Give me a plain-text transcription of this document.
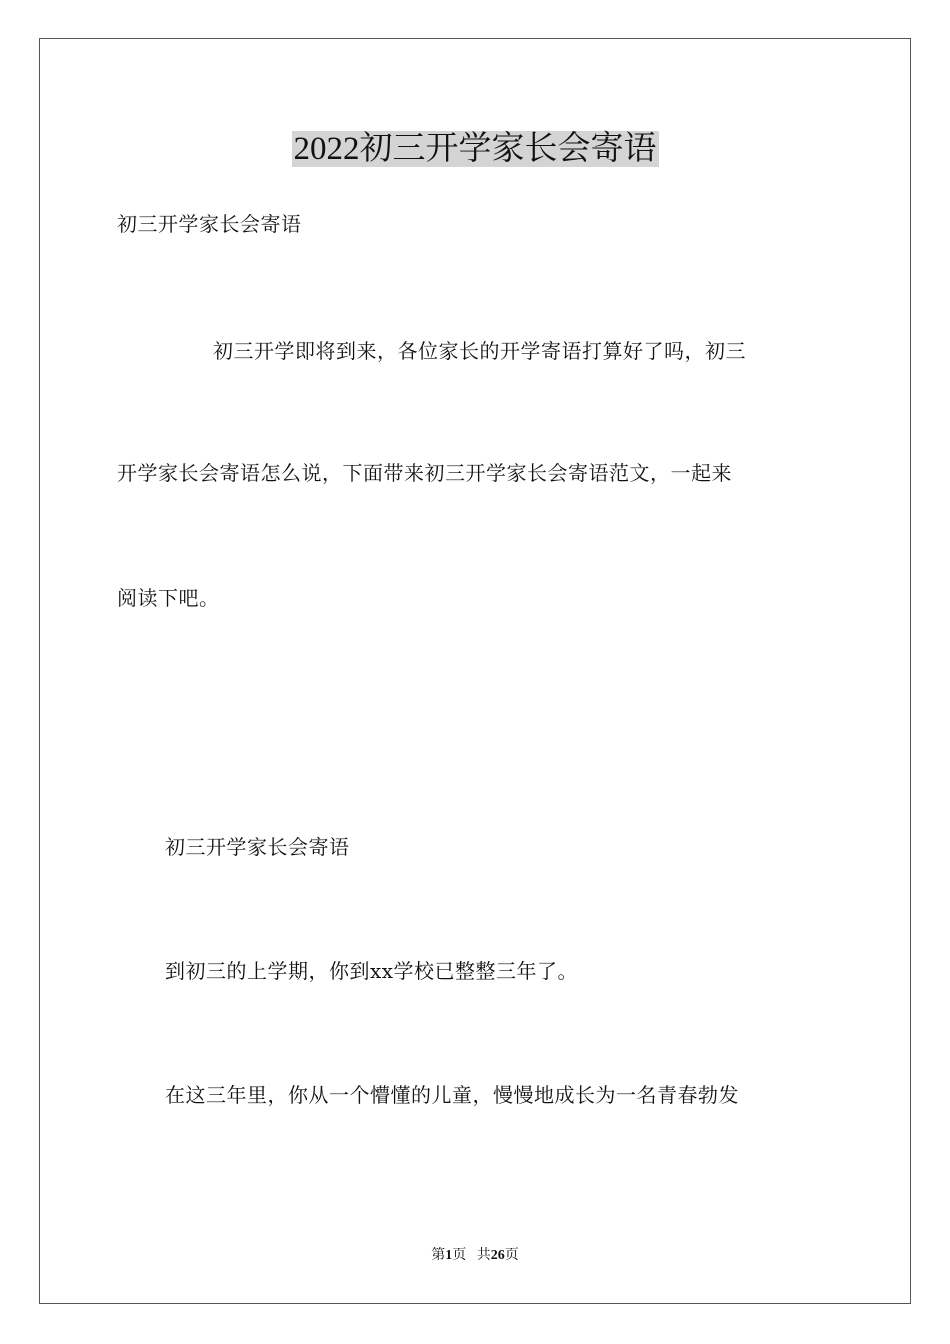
2022初三开学家长会寄语
初三开学家长会寄语
初三开学即将到来，各位家长的开学寄语打算好了吗，初三
开学家长会寄语怎么说，下面带来初三开学家长会寄语范文，一起来
阅读下吧。
初三开学家长会寄语
到初三的上学期，你到xx学校已整整三年了。
在这三年里，你从一个懵懂的儿童，慢慢地成长为一名青春勃发
第1页 共26页
